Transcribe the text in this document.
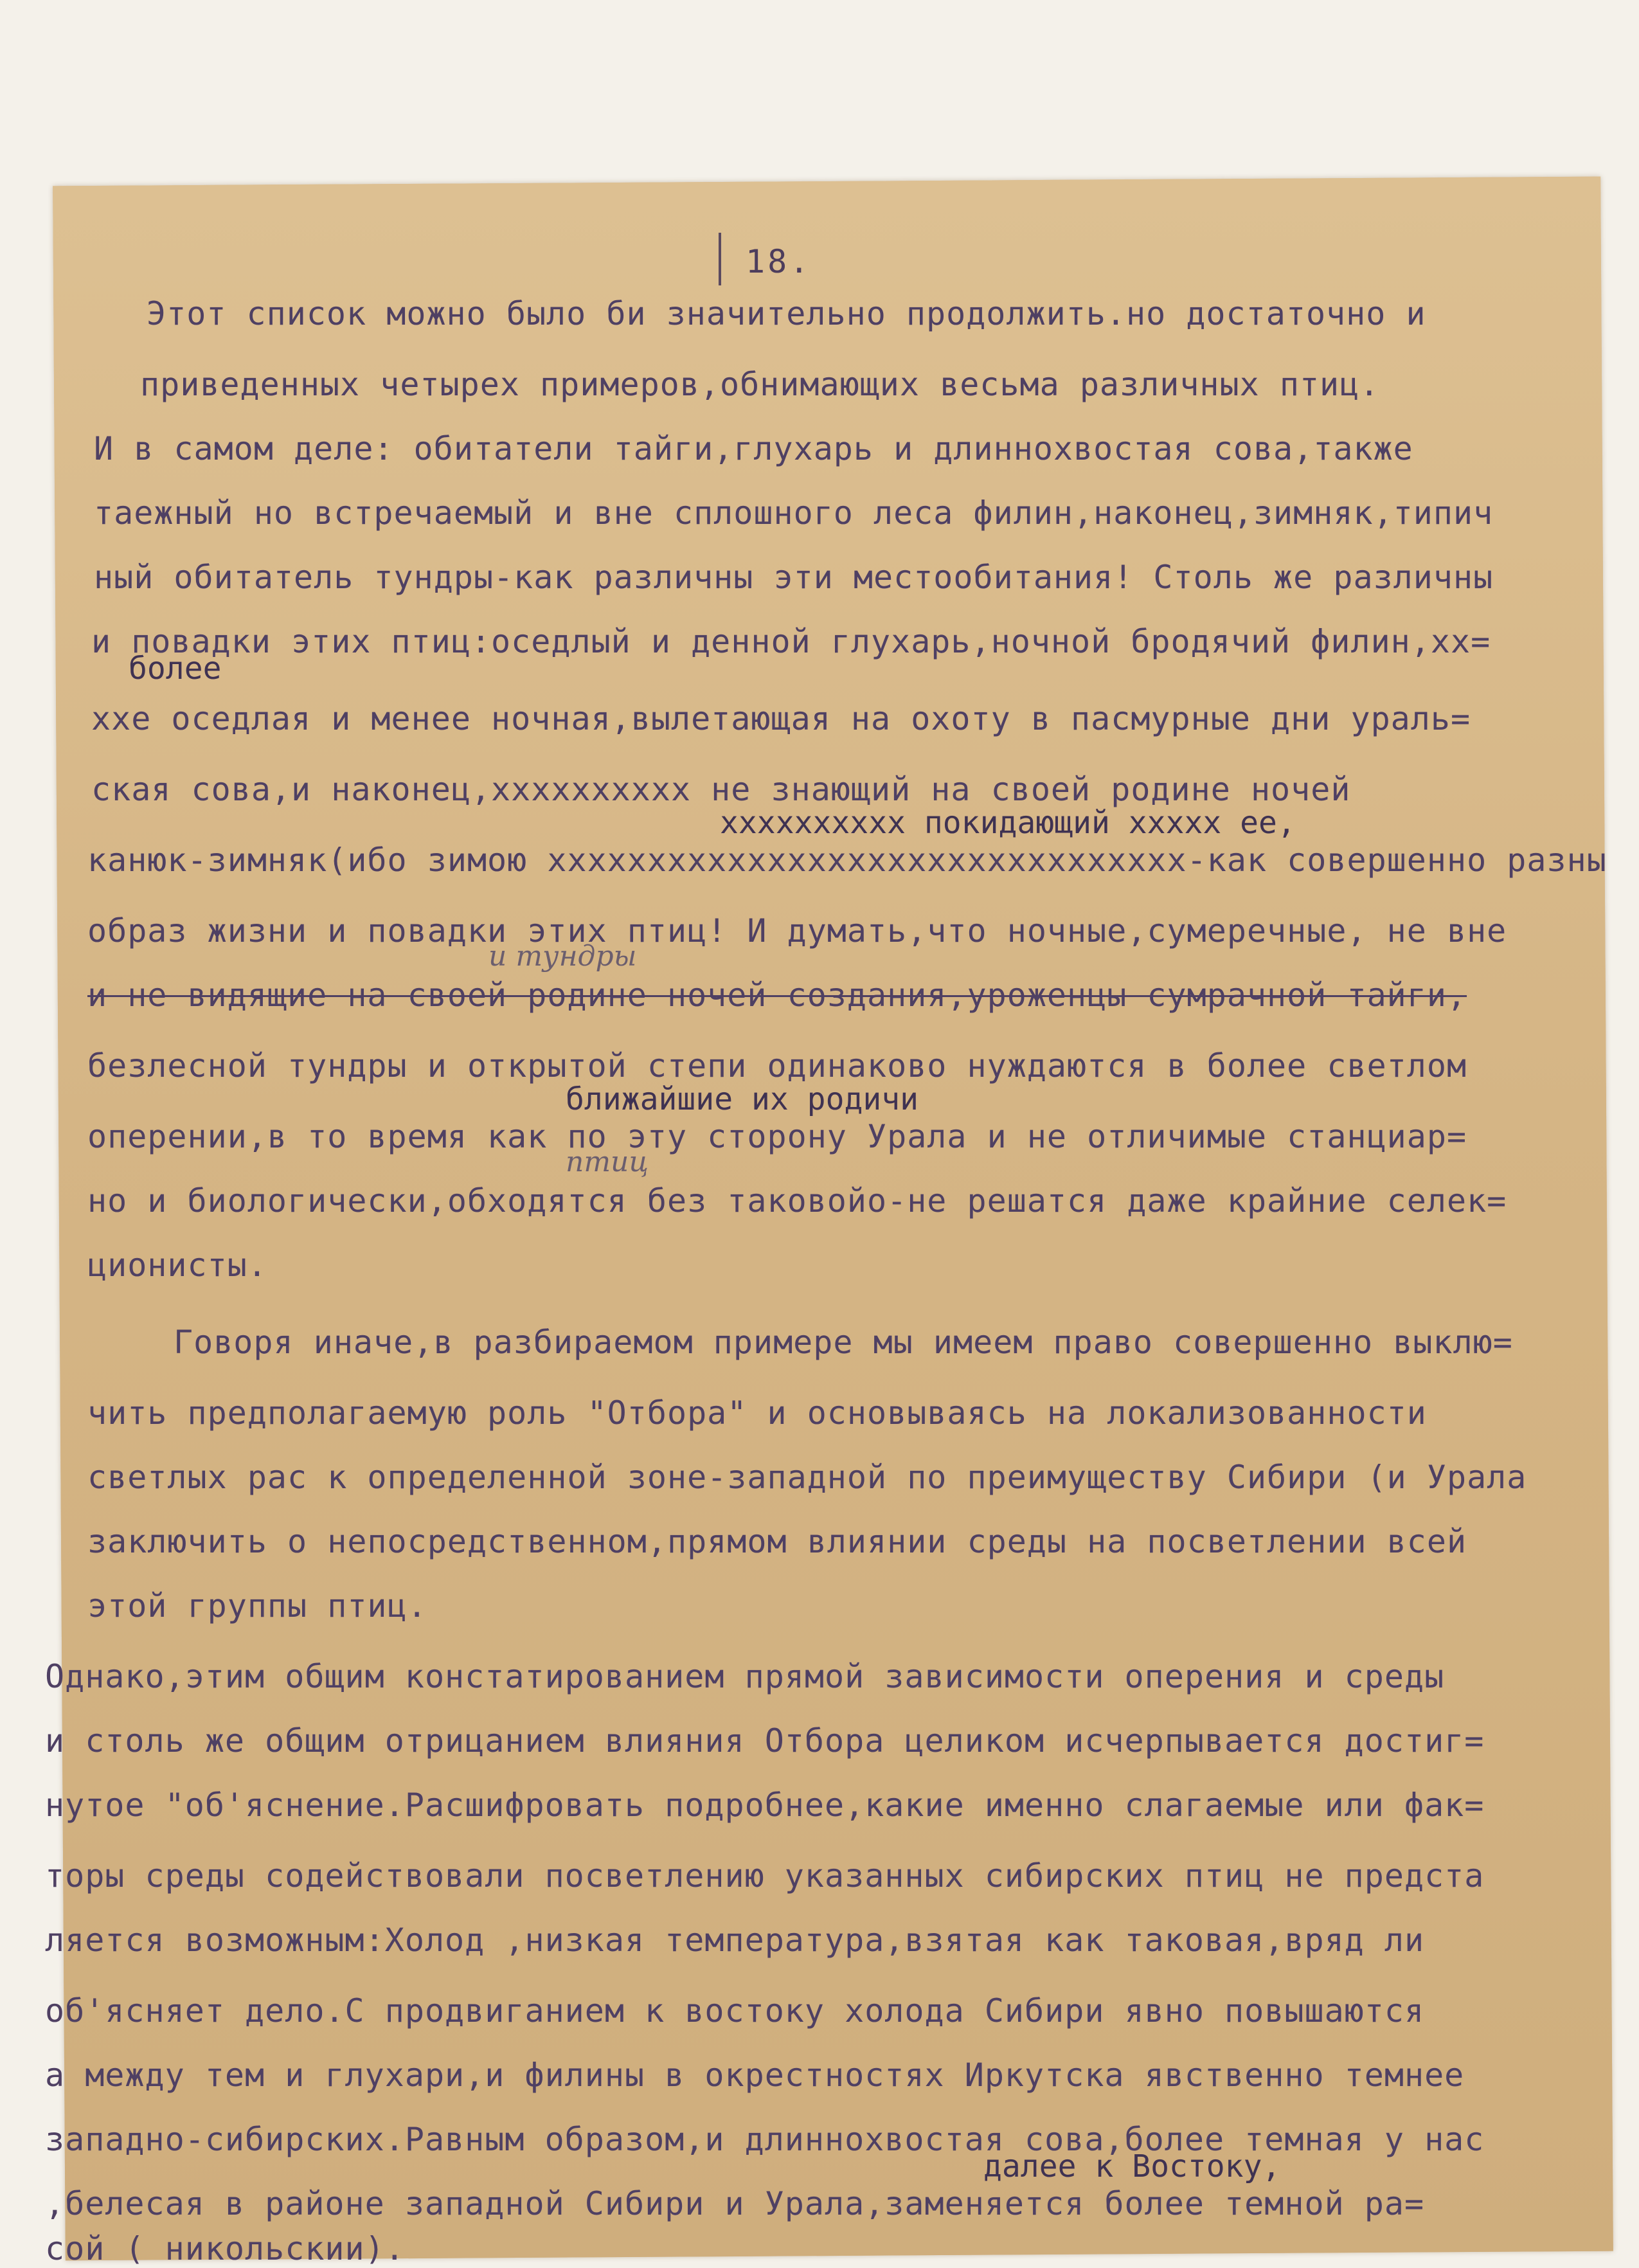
18.
Этот список можно было би значительно продолжить.но достаточно и
приведенных четырех примеров,обнимающих весьма различных птиц.
И в самом деле: обитатели тайги,глухарь и длиннохвостая сова,также
таежный но встречаемый и вне сплошного леса филин,наконец,зимняк,типич
ный обитатель тундры-как различны эти местообитания! Столь же различны
и повадки этих птиц:оседлый и денной глухарь,ночной бродячий филин,xx=
более
xxe оседлая и менее ночная,вылетающая на охоту в пасмурные дни ураль=
ская сова,и наконец,xxxxxxxxxx не знающий на своей родине ночей
xxxxxxxxxx покидающий xxxxx ее,
канюк-зимняк(ибо зимою xxxxxxxxxxxxxxxxxxxxxxxxxxxxxxxx-как совершенно разны
образ жизни и повадки этих птиц! И думать,что ночные,сумеречные, не вне
и тундры
и не видящие на своей родине ночей создания,уроженцы сумрачной тайги,
безлесной тундры и открытой степи одинаково нуждаются в более светлом
ближайшие их родичи
оперении,в то время как по эту сторону Урала и не отличимые станциар=
птиц
но и биологически,обходятся без таковойо-не решатся даже крайние селек=
ционисты.
Говоря иначе,в разбираемом примере мы имеем право совершенно выклю=
чить предполагаемую роль "Отбора" и основываясь на локализованности
светлых рас к определенной зоне-западной по преимуществу Сибири (и Урала
заключить о непосредственном,прямом влиянии среды на посветлении всей
этой группы птиц.
Однако,этим общим констатированием прямой зависимости оперения и среды
и столь же общим отрицанием влияния Отбора целиком исчерпывается достиг=
нутое "об'яснение.Расшифровать подробнее,какие именно слагаемые или фак=
торы среды содействовали посветлению указанных сибирских птиц не предста
ляется возможным:Холод ,низкая температура,взятая как таковая,вряд ли
об'ясняет дело.С продвиганием к востоку холода Сибири явно повышаются
а между тем и глухари,и филины в окрестностях Иркутска явственно темнее
западно-сибирских.Равным образом,и длиннохвостая сова,более темная у нас
далее к Востоку,
,белесая в районе западной Сибири и Урала,заменяется более темной ра=
сой ( никольскии).
